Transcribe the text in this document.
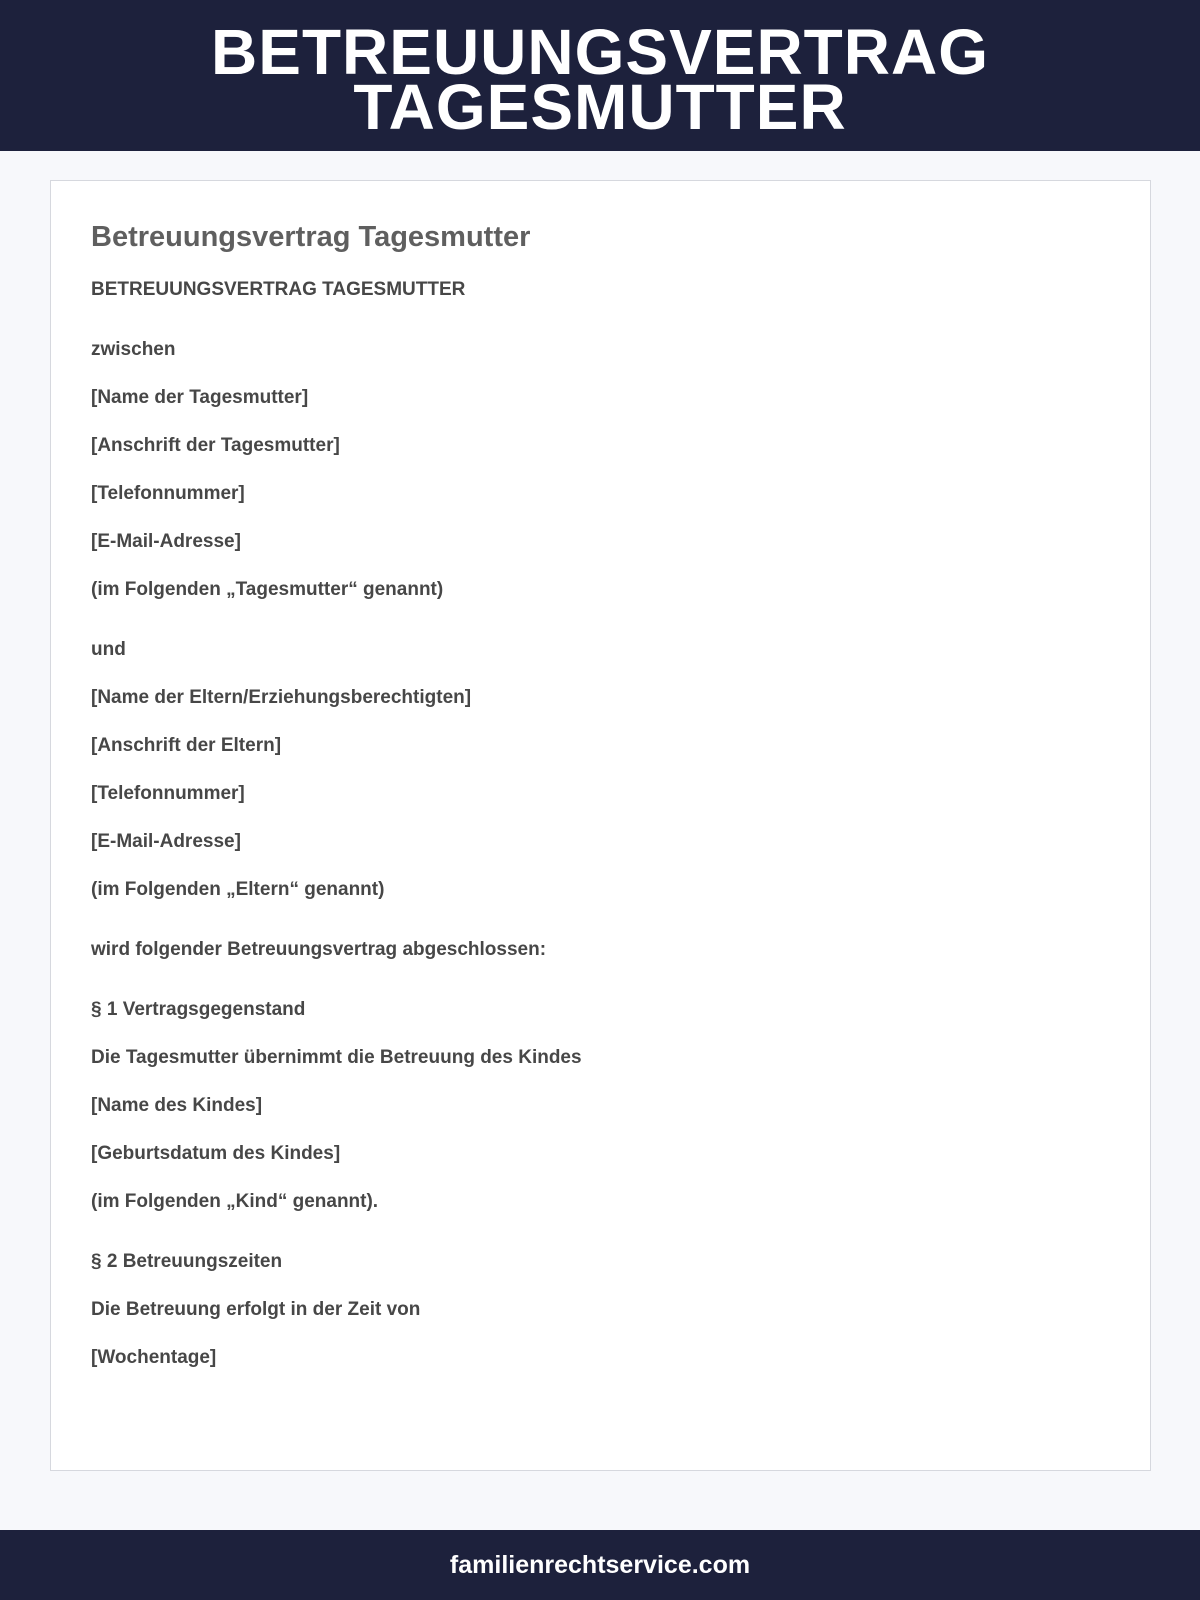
BETREUUNGSVERTRAG
TAGESMUTTER
Betreuungsvertrag Tagesmutter
BETREUUNGSVERTRAG TAGESMUTTER
zwischen
[Name der Tagesmutter]
[Anschrift der Tagesmutter]
[Telefonnummer]
[E-Mail-Adresse]
(im Folgenden „Tagesmutter“ genannt)
und
[Name der Eltern/Erziehungsberechtigten]
[Anschrift der Eltern]
[Telefonnummer]
[E-Mail-Adresse]
(im Folgenden „Eltern“ genannt)
wird folgender Betreuungsvertrag abgeschlossen:
§ 1 Vertragsgegenstand
Die Tagesmutter übernimmt die Betreuung des Kindes
[Name des Kindes]
[Geburtsdatum des Kindes]
(im Folgenden „Kind“ genannt).
§ 2 Betreuungszeiten
Die Betreuung erfolgt in der Zeit von
[Wochentage]
familienrechtservice.com
